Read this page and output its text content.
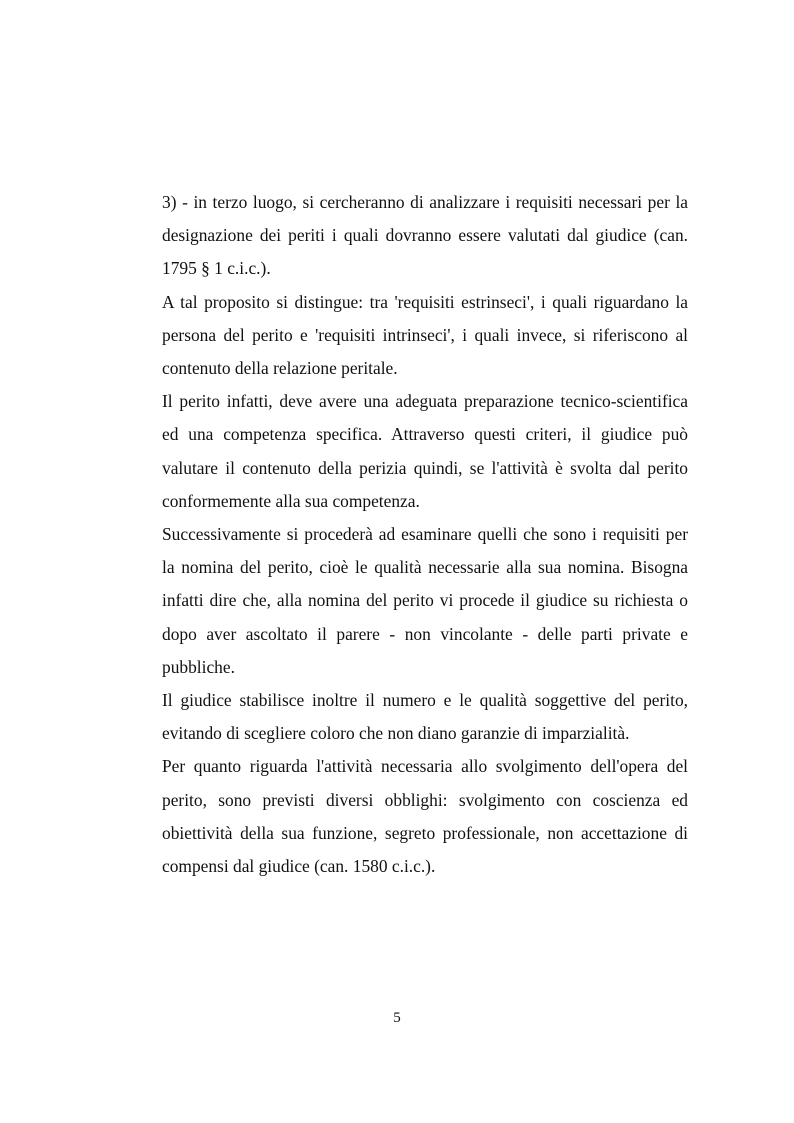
3) - in terzo luogo, si cercheranno di analizzare i requisiti necessari per la designazione dei periti i quali dovranno essere valutati dal giudice (can. 1795 § 1 c.i.c.).

A tal proposito si distingue: tra 'requisiti estrinseci', i quali riguardano la persona del perito e 'requisiti intrinseci', i quali invece, si riferiscono al contenuto della relazione peritale.

Il perito infatti, deve avere una adeguata preparazione tecnico-scientifica ed una competenza specifica. Attraverso questi criteri, il giudice può valutare il contenuto della perizia quindi, se l'attività è svolta dal perito conformemente alla sua competenza.

Successivamente si procederà ad esaminare quelli che sono i requisiti per la nomina del perito, cioè le qualità necessarie alla sua nomina. Bisogna infatti dire che, alla nomina del perito vi procede il giudice su richiesta o dopo aver ascoltato il parere - non vincolante - delle parti private e pubbliche.

Il giudice stabilisce inoltre il numero e le qualità soggettive del perito, evitando di scegliere coloro che non diano garanzie di imparzialità.

Per quanto riguarda l'attività necessaria allo svolgimento dell'opera del perito, sono previsti diversi obblighi: svolgimento con coscienza ed obiettività della sua funzione, segreto professionale, non accettazione di compensi dal giudice (can. 1580 c.i.c.).

5
